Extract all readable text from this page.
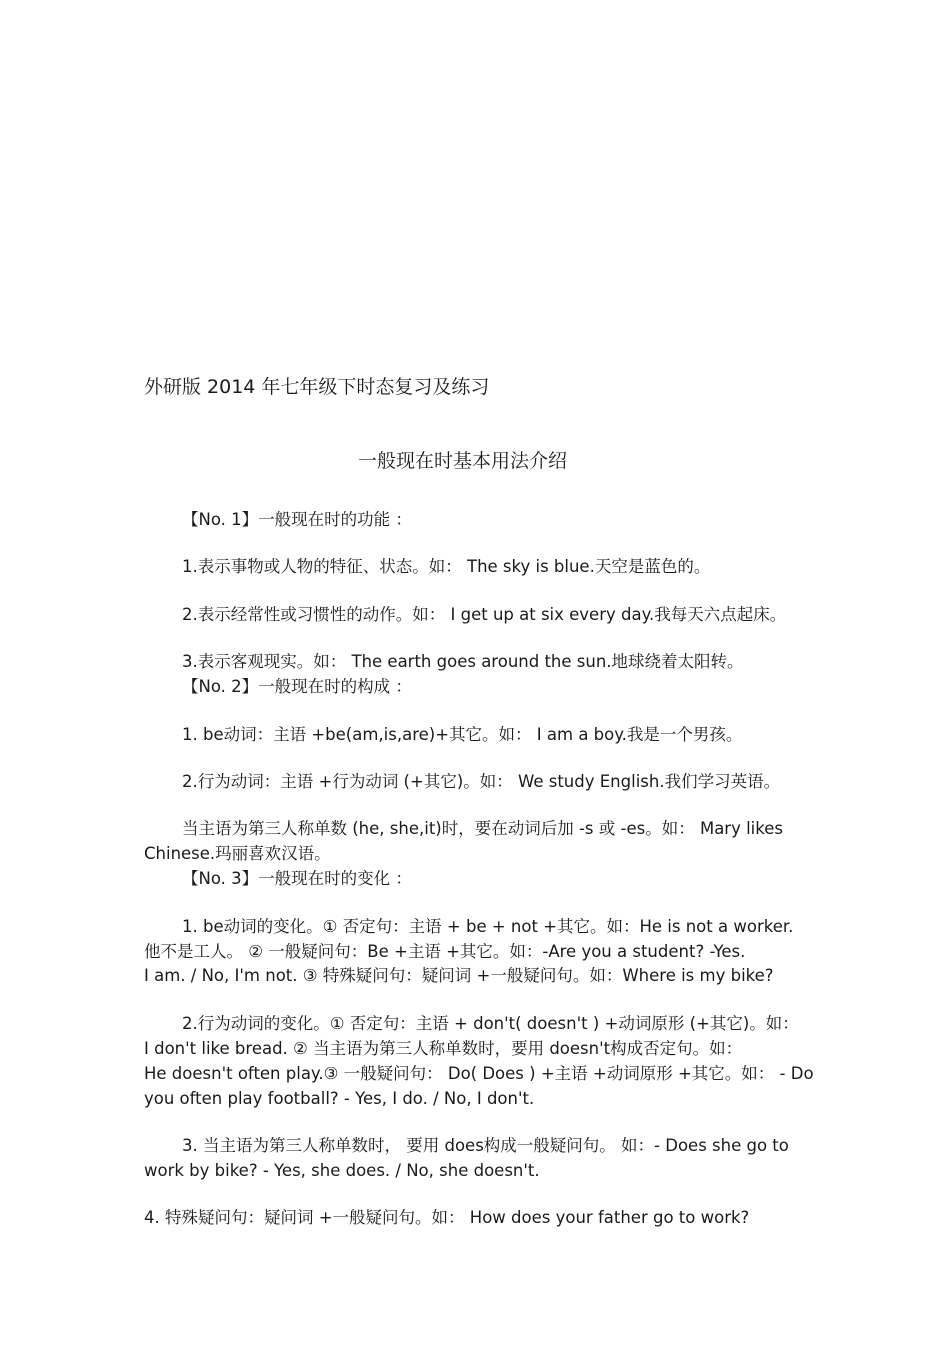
外研版 2014 年七年级下时态复习及练习
一般现在时基本用法介绍
【No. 1】一般现在时的功能 ：
1.表示事物或人物的特征、状态。如： The sky is blue.天空是蓝色的。
2.表示经常性或习惯性的动作。如： I get up at six every day.我每天六点起床。
3.表示客观现实。如： The earth goes around the sun.地球绕着太阳转。
【No. 2】一般现在时的构成 ：
1. be动词：主语 +be(am,is,are)+其它。如： I am a boy.我是一个男孩。
2.行为动词：主语 +行为动词 (+其它)。如： We study English.我们学习英语。
当主语为第三人称单数 (he, she,it)时，要在动词后加 -s 或 -es。如： Mary likes
Chinese.玛丽喜欢汉语。
【No. 3】一般现在时的变化 ：
1. be动词的变化。① 否定句：主语 + be + not +其它。如：He is not a worker.
他不是工人。 ② 一般疑问句：Be +主语 +其它。如：-Are you a student? -Yes.
I am. / No, I'm not. ③ 特殊疑问句：疑问词 +一般疑问句。如：Where is my bike?
2.行为动词的变化。① 否定句：主语 + don't( doesn't ) +动词原形 (+其它)。如：
I don't like bread. ② 当主语为第三人称单数时，要用 doesn't构成否定句。如：
He doesn't often play.③ 一般疑问句： Do( Does ) +主语 +动词原形 +其它。如： - Do
you often play football? - Yes, I do. / No, I don't.
3. 当主语为第三人称单数时， 要用 does构成一般疑问句。 如：- Does she go to
work by bike? - Yes, she does. / No, she doesn't.
4. 特殊疑问句：疑问词 +一般疑问句。如： How does your father go to work?
